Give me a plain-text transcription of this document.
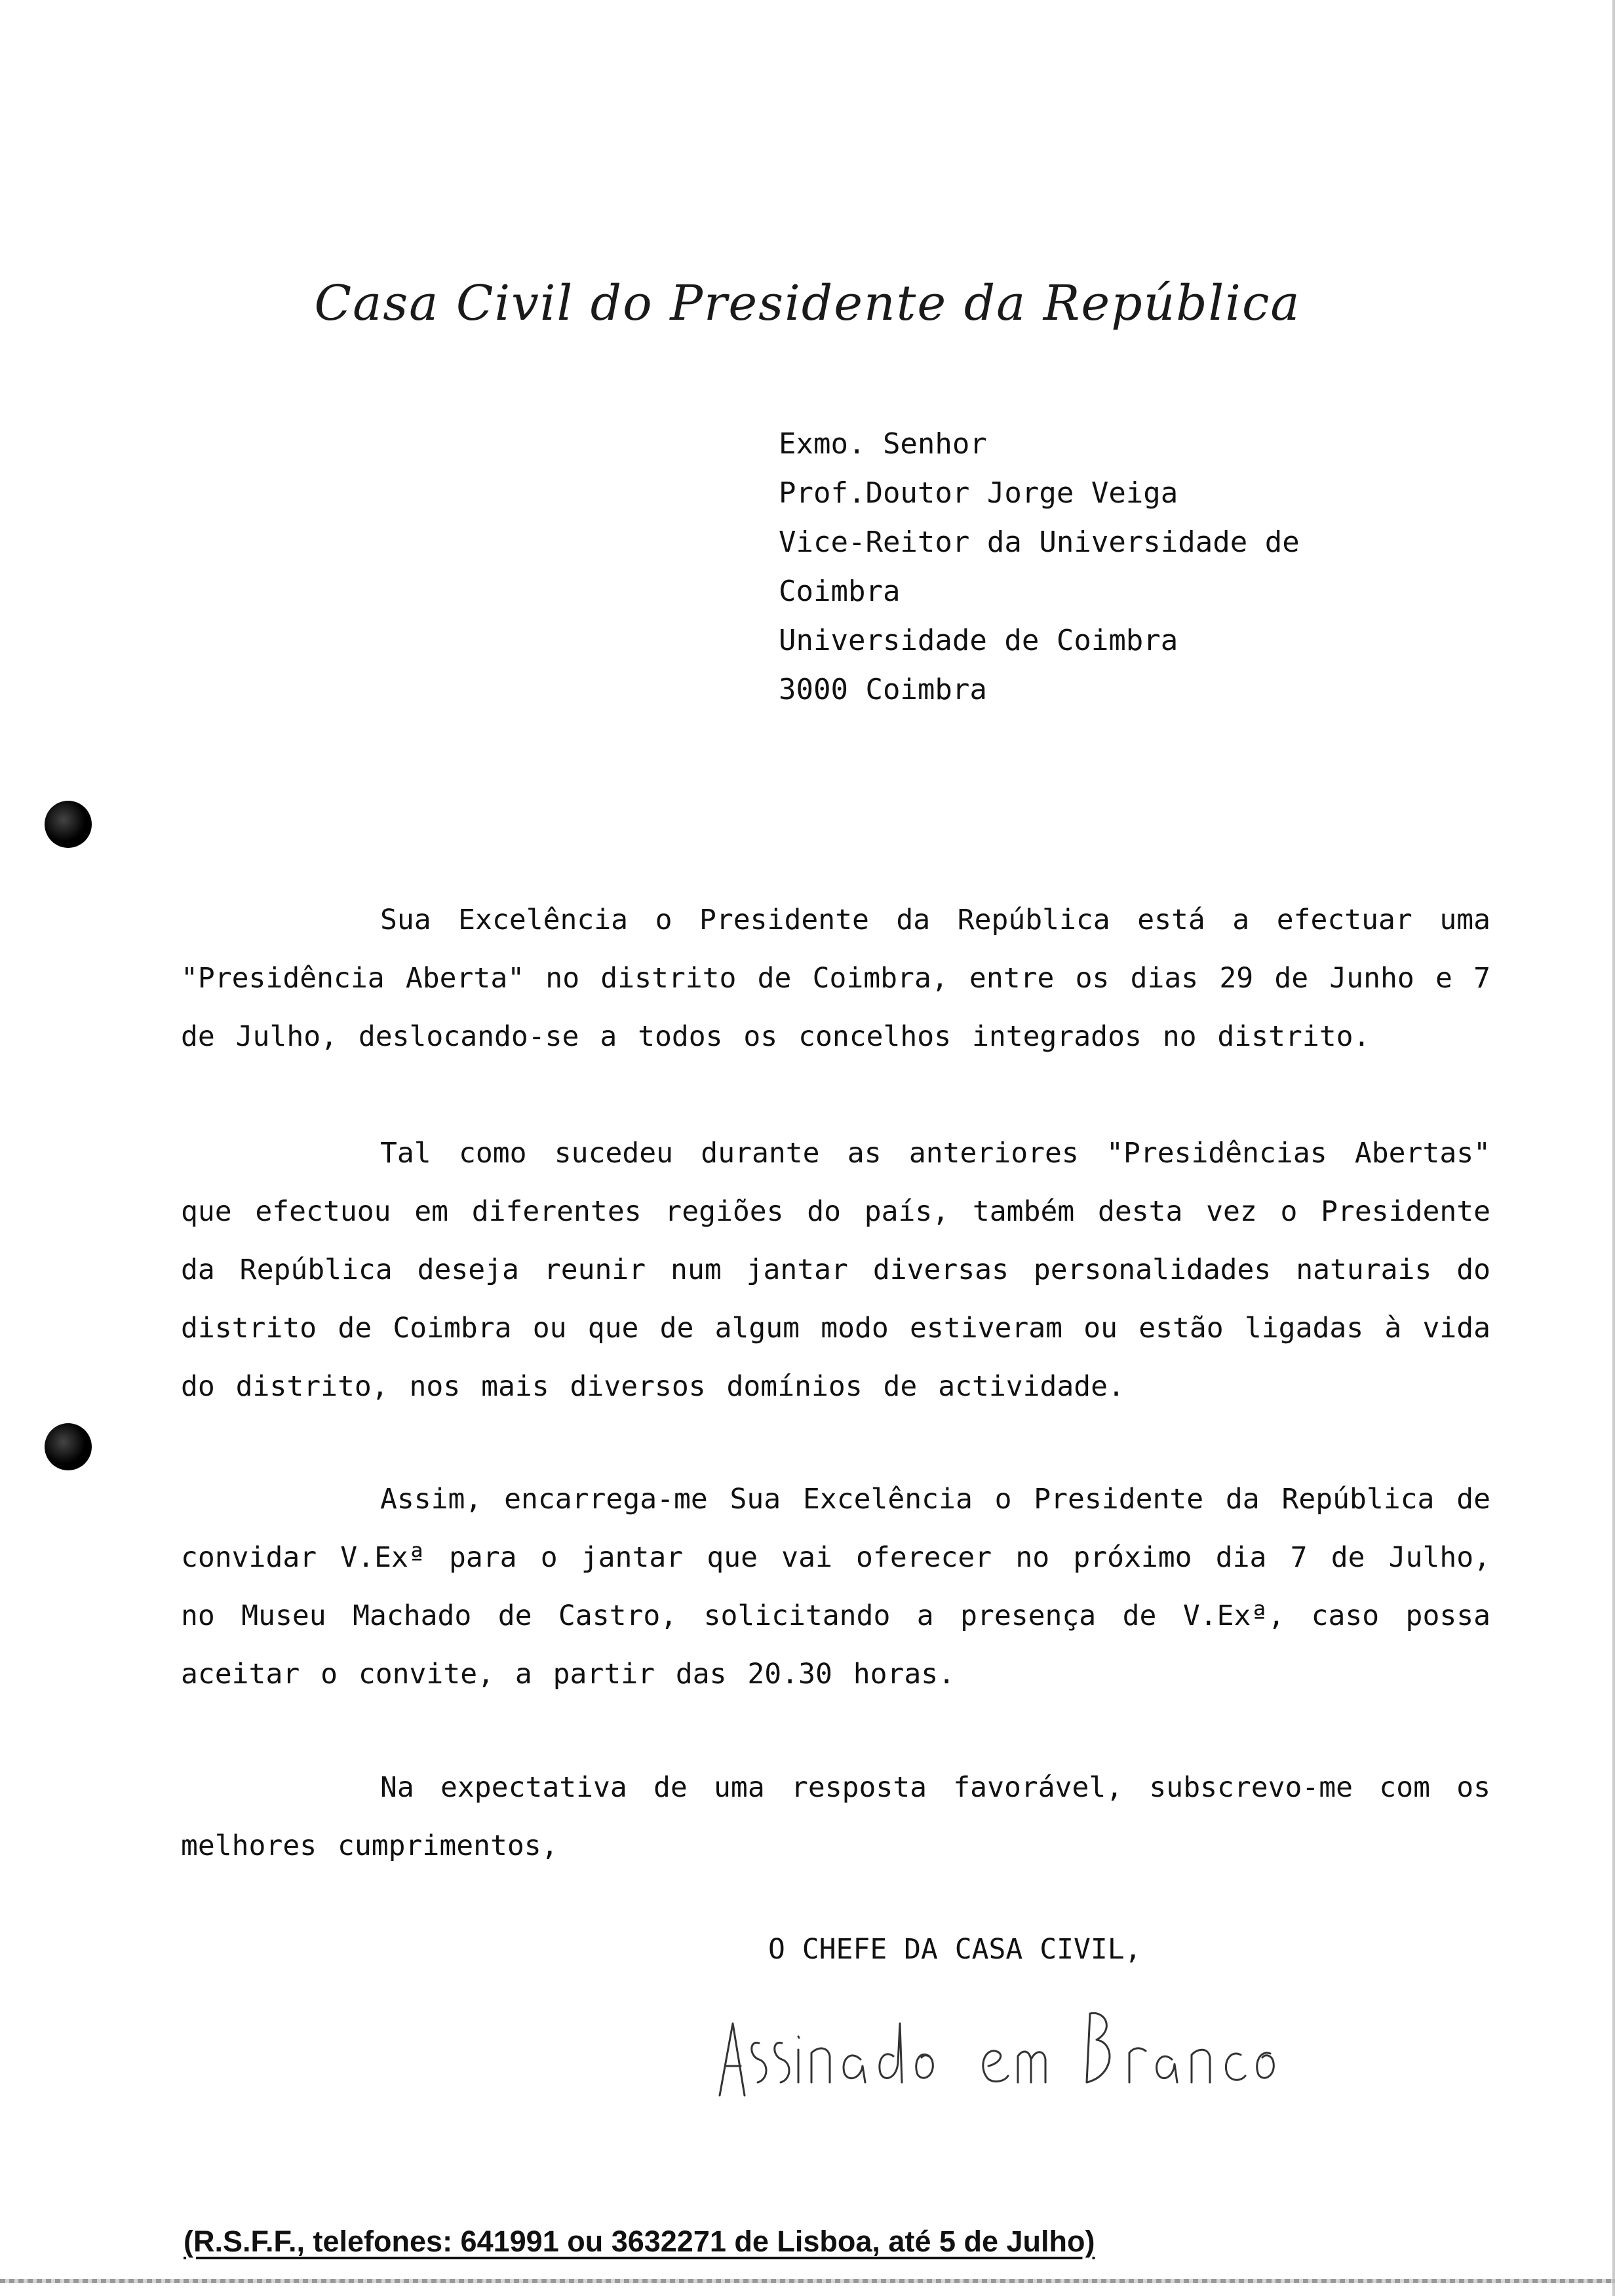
Casa Civil do Presidente da República
Exmo. Senhor
Prof.Doutor Jorge Veiga
Vice-Reitor da Universidade de
Coimbra
Universidade de Coimbra
3000 Coimbra
Sua Excelência o Presidente da República está a efectuar uma "Presidência Aberta" no distrito de Coimbra, entre os dias 29 de Junho e 7 de Julho, deslocando-se a todos os concelhos integrados no distrito.
Tal como sucedeu durante as anteriores "Presidências Abertas" que efectuou em diferentes regiões do país, também desta vez o Presidente da República deseja reunir num jantar diversas personalidades naturais do distrito de Coimbra ou que de algum modo estiveram ou estão ligadas à vida do distrito, nos mais diversos domínios de actividade.
Assim, encarrega-me Sua Excelência o Presidente da República de convidar V.Exª para o jantar que vai oferecer no próximo dia 7 de Julho, no Museu Machado de Castro, solicitando a presença de V.Exª, caso possa aceitar o convite, a partir das 20.30 horas.
Na expectativa de uma resposta favorável, subscrevo-me com os melhores cumprimentos,
O CHEFE DA CASA CIVIL,
(R.S.F.F., telefones: 641991 ou 3632271 de Lisboa, até 5 de Julho)
